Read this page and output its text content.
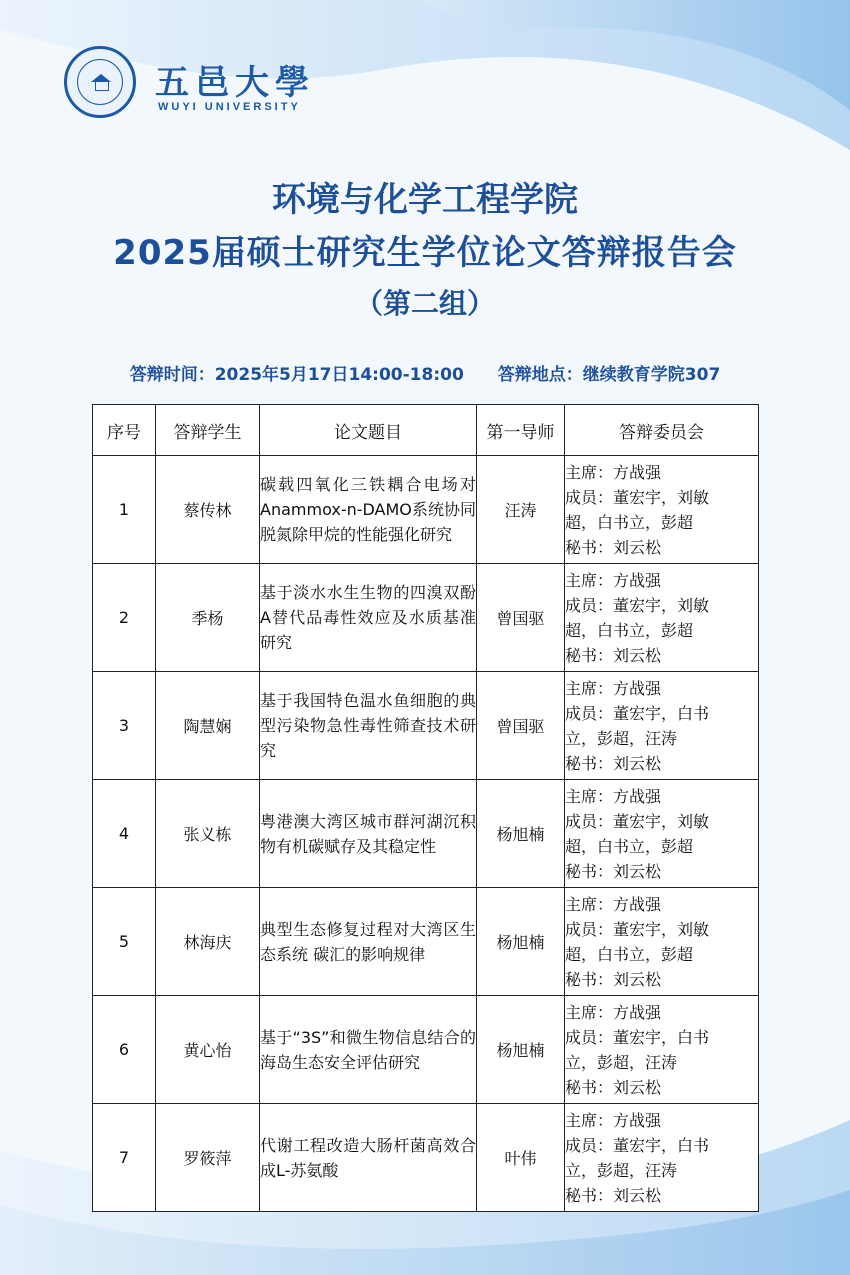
五邑大學
WUYI UNIVERSITY
环境与化学工程学院
2025届硕士研究生学位论文答辩报告会
（第二组）
答辩时间：2025年5月17日14:00-18:00 答辩地点：继续教育学院307
序号	答辩学生	论文题目	第一导师	答辩委员会
1	蔡传林	碳载四氧化三铁耦合电场对Anammox-n-DAMO系统协同脱氮除甲烷的性能强化研究	汪涛	主席：方战强
成员：董宏宇，刘敏
超，白书立，彭超
秘书：刘云松

2	季杨	基于淡水水生生物的四溴双酚A替代品毒性效应及水质基准研究	曾国驱	主席：方战强
成员：董宏宇，刘敏
超，白书立，彭超
秘书：刘云松

3	陶慧娴	基于我国特色温水鱼细胞的典型污染物急性毒性筛查技术研究	曾国驱	主席：方战强
成员：董宏宇，白书
立，彭超，汪涛
秘书：刘云松

4	张义栋	粤港澳大湾区城市群河湖沉积物有机碳赋存及其稳定性	杨旭楠	主席：方战强
成员：董宏宇，刘敏
超，白书立，彭超
秘书：刘云松

5	林海庆	典型生态修复过程对大湾区生态系统 碳汇的影响规律	杨旭楠	主席：方战强
成员：董宏宇，刘敏
超，白书立，彭超
秘书：刘云松

6	黄心怡	基于“3S”和微生物信息结合的海岛生态安全评估研究	杨旭楠	主席：方战强
成员：董宏宇，白书
立，彭超，汪涛
秘书：刘云松

7	罗筱萍	代谢工程改造大肠杆菌高效合成L-苏氨酸	叶伟	主席：方战强
成员：董宏宇，白书
立，彭超，汪涛
秘书：刘云松
